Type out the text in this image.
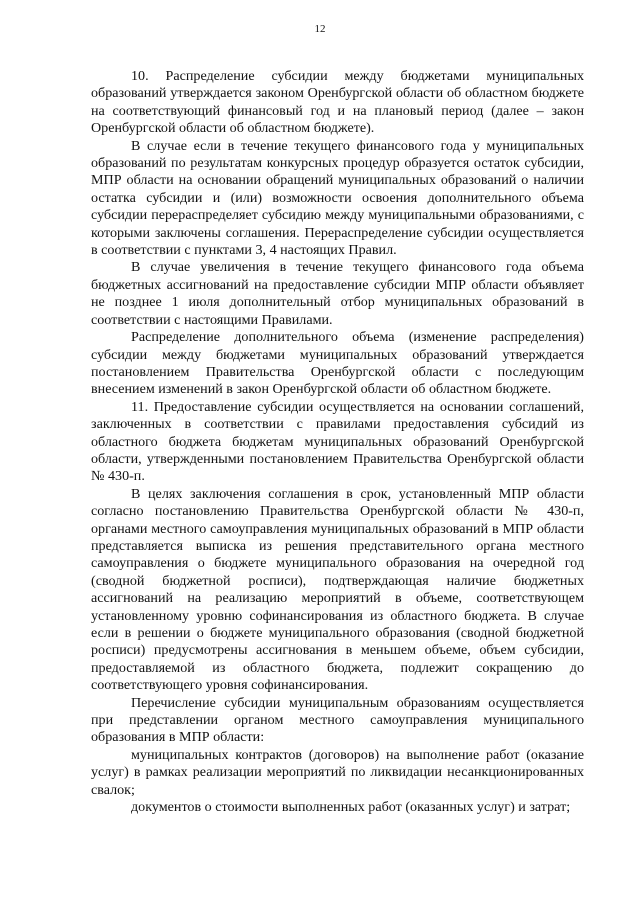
12

10. Распределение субсидии между бюджетами муниципальных образований утверждается законом Оренбургской области об областном бюджете на соответствующий финансовый год и на плановый период (далее – закон Оренбургской области об областном бюджете).

В случае если в течение текущего финансового года у муниципальных образований по результатам конкурсных процедур образуется остаток субсидии, МПР области на основании обращений муниципальных образований о наличии остатка субсидии и (или) возможности освоения дополнительного объема субсидии перераспределяет субсидию между муниципальными образованиями, с которыми заключены соглашения. Перераспределение субсидии осуществляется в соответствии с пунктами 3, 4 настоящих Правил.

В случае увеличения в течение текущего финансового года объема бюджетных ассигнований на предоставление субсидии МПР области объявляет не позднее 1 июля дополнительный отбор муниципальных образований в соответствии с настоящими Правилами.

Распределение дополнительного объема (изменение распределения) субсидии между бюджетами муниципальных образований утверждается постановлением Правительства Оренбургской области с последующим внесением изменений в закон Оренбургской области об областном бюджете.

11. Предоставление субсидии осуществляется на основании соглашений, заключенных в соответствии с правилами предоставления субсидий из областного бюджета бюджетам муниципальных образований Оренбургской области, утвержденными постановлением Правительства Оренбургской области № 430-п.

В целях заключения соглашения в срок, установленный МПР области согласно постановлению Правительства Оренбургской области № 430-п, органами местного самоуправления муниципальных образований в МПР области представляется выписка из решения представительного органа местного самоуправления о бюджете муниципального образования на очередной год (сводной бюджетной росписи), подтверждающая наличие бюджетных ассигнований на реализацию мероприятий в объеме, соответствующем установленному уровню софинансирования из областного бюджета. В случае если в решении о бюджете муниципального образования (сводной бюджетной росписи) предусмотрены ассигнования в меньшем объеме, объем субсидии, предоставляемой из областного бюджета, подлежит сокращению до соответствующего уровня софинансирования.

Перечисление субсидии муниципальным образованиям осуществляется при представлении органом местного самоуправления муниципального образования в МПР области:

муниципальных контрактов (договоров) на выполнение работ (оказание услуг) в рамках реализации мероприятий по ликвидации несанкционированных свалок;

документов о стоимости выполненных работ (оказанных услуг) и затрат;
